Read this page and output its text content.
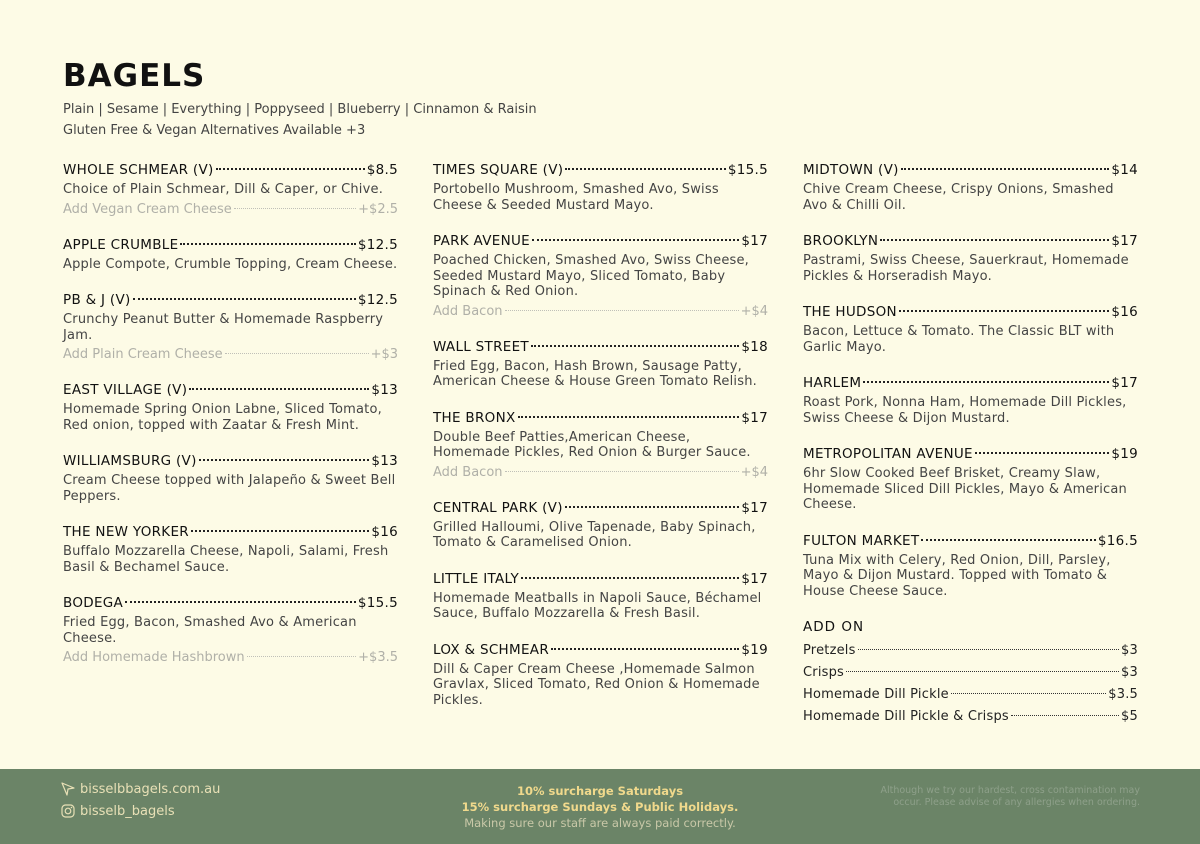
BAGELS
Plain | Sesame | Everything | Poppyseed | Blueberry | Cinnamon & Raisin
Gluten Free & Vegan Alternatives Available +3
WHOLE SCHMEAR (V)	$8.5
Choice of Plain Schmear, Dill & Caper, or Chive.
Add Vegan Cream Cheese	+$2.5
APPLE CRUMBLE	$12.5
Apple Compote, Crumble Topping, Cream Cheese.
PB & J (V)	$12.5
Crunchy Peanut Butter & Homemade Raspberry Jam.
Add Plain Cream Cheese	+$3
EAST VILLAGE (V)	$13
Homemade Spring Onion Labne, Sliced Tomato, Red onion, topped with Zaatar & Fresh Mint.
WILLIAMSBURG (V)	$13
Cream Cheese topped with Jalapeño & Sweet Bell Peppers.
THE NEW YORKER	$16
Buffalo Mozzarella Cheese, Napoli, Salami, Fresh Basil & Bechamel Sauce.
BODEGA	$15.5
Fried Egg, Bacon, Smashed Avo & American Cheese.
Add Homemade Hashbrown	+$3.5
TIMES SQUARE (V)	$15.5
Portobello Mushroom, Smashed Avo, Swiss Cheese & Seeded Mustard Mayo.
PARK AVENUE	$17
Poached Chicken, Smashed Avo, Swiss Cheese, Seeded Mustard Mayo, Sliced Tomato, Baby Spinach & Red Onion.
Add Bacon	+$4
WALL STREET	$18
Fried Egg, Bacon, Hash Brown, Sausage Patty, American Cheese & House Green Tomato Relish.
THE BRONX	$17
Double Beef Patties,American Cheese, Homemade Pickles, Red Onion & Burger Sauce.
Add Bacon	+$4
CENTRAL PARK (V)	$17
Grilled Halloumi, Olive Tapenade, Baby Spinach, Tomato & Caramelised Onion.
LITTLE ITALY	$17
Homemade Meatballs in Napoli Sauce, Béchamel Sauce, Buffalo Mozzarella & Fresh Basil.
LOX & SCHMEAR	$19
Dill & Caper Cream Cheese ,Homemade Salmon Gravlax, Sliced Tomato, Red Onion & Homemade Pickles.
MIDTOWN (V)	$14
Chive Cream Cheese, Crispy Onions, Smashed Avo & Chilli Oil.
BROOKLYN	$17
Pastrami, Swiss Cheese, Sauerkraut, Homemade Pickles & Horseradish Mayo.
THE HUDSON	$16
Bacon, Lettuce & Tomato. The Classic BLT with Garlic Mayo.
HARLEM	$17
Roast Pork, Nonna Ham, Homemade Dill Pickles, Swiss Cheese & Dijon Mustard.
METROPOLITAN AVENUE	$19
6hr Slow Cooked Beef Brisket, Creamy Slaw, Homemade Sliced Dill Pickles, Mayo & American Cheese.
FULTON MARKET	$16.5
Tuna Mix with Celery, Red Onion, Dill, Parsley, Mayo & Dijon Mustard. Topped with Tomato & House Cheese Sauce.
ADD ON
Pretzels	$3
Crisps	$3
Homemade Dill Pickle	$3.5
Homemade Dill Pickle & Crisps	$5
bisselbbagels.com.au
bisselb_bagels
10% surcharge Saturdays
15% surcharge Sundays & Public Holidays.
Making sure our staff are always paid correctly.
Although we try our hardest, cross contamination may
occur. Please advise of any allergies when ordering.
